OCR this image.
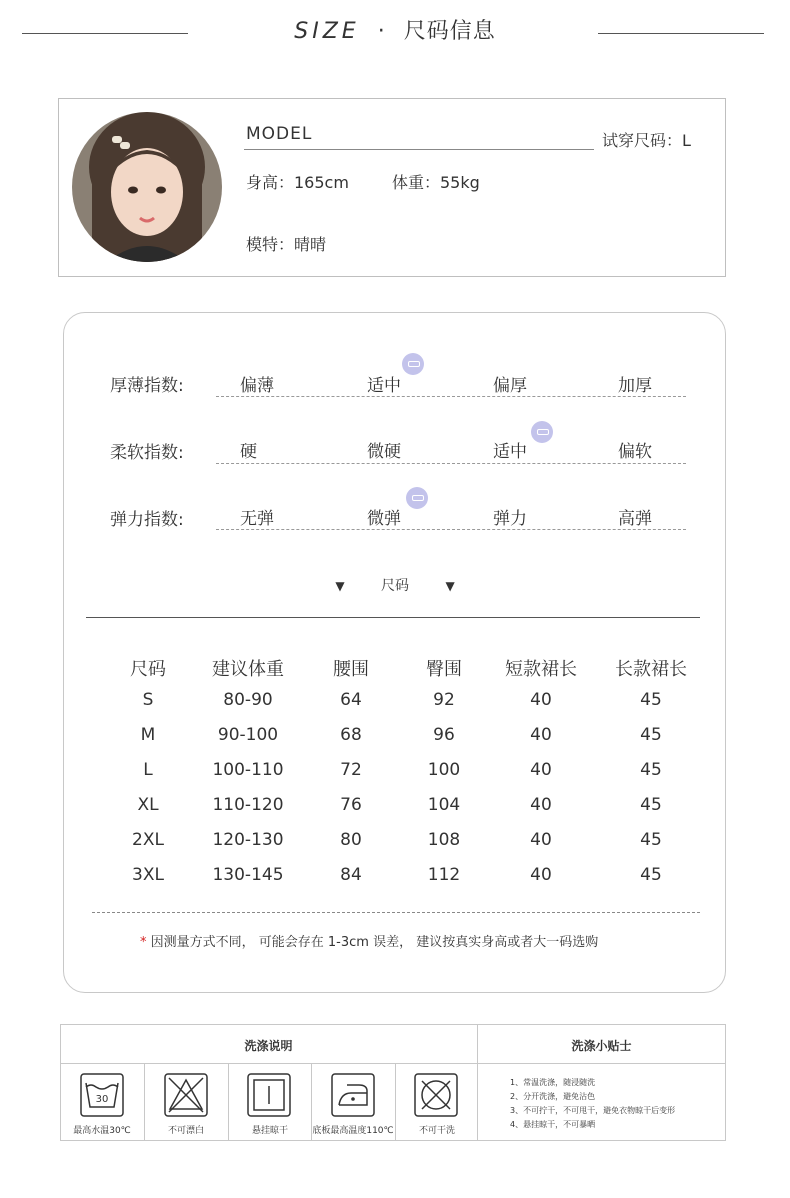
SIZE · 尺码信息
MODEL	试穿尺码：L
身高：165cm	体重：55kg
模特：晴晴
厚薄指数:	偏薄	适中	偏厚	加厚
柔软指数:	硬	微硬	适中	偏软
弹力指数:	无弹	微弹	弹力	高弹
▼	尺码	▼
尺码	建议体重	腰围	臀围	短款裙长	长款裙长
S	80-90	64	92	40	45
M	90-100	68	96	40	45
L	100-110	72	100	40	45
XL	110-120	76	104	40	45
2XL	120-130	80	108	40	45
3XL	130-145	84	112	40	45
* 因测量方式不同， 可能会存在 1-3cm 误差， 建议按真实身高或者大一码选购
洗涤说明	洗涤小贴士
30
最高水温30℃	不可漂白	悬挂晾干	底板最高温度110℃	不可干洗
1、常温洗涤，随浸随洗
2、分开洗涤，避免沾色
3、不可拧干，不可甩干，避免衣物晾干后变形
4、悬挂晾干，不可暴晒
